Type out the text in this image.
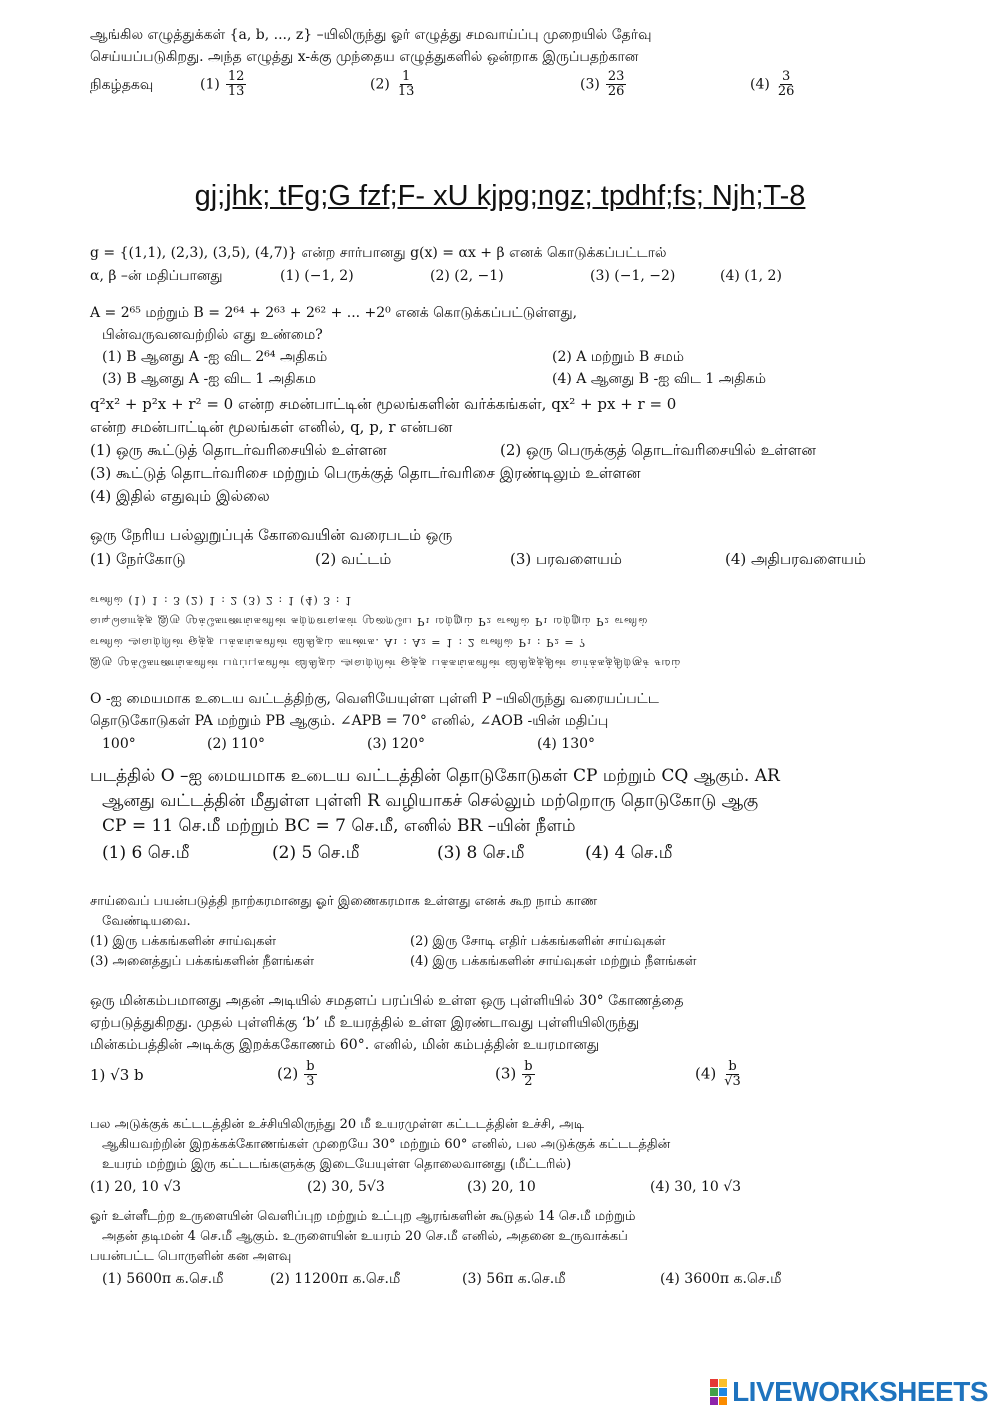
ஆங்கில எழுத்துக்கள் {a, b, ..., z} –யிலிருந்து ஓர் எழுத்து சமவாய்ப்பு முறையில் தேர்வு

செய்யப்படுகிறது. அந்த எழுத்து x-க்கு முந்தைய எழுத்துகளில் ஒன்றாக இருப்பதற்கான

நிகழ்தகவு	$(1) \frac{12}{13}$	$(2) \frac{1}{13}$	$(3) \frac{23}{26}$	$(4) \frac{3}{26}$
gj;jhk; tFg;G fzf;F- xU kjpg;ngz; tpdhf;fs; Njh;T-8

g = {(1,1), (2,3), (3,5), (4,7)} என்ற சார்பானது g(x) = αx + β எனக் கொடுக்கப்பட்டால்

α, β –ன் மதிப்பானது	(1) (−1, 2)	(2) (2, −1)	(3) (−1, −2)	(4) (1, 2)

A = 2⁶⁵ மற்றும் B = 2⁶⁴ + 2⁶³ + 2⁶² + ... +2⁰ எனக் கொடுக்கப்பட்டுள்ளது,

பின்வருவனவற்றில் எது உண்மை?

(1) B ஆனது A -ஐ விட 2⁶⁴ அதிகம்	(2) A மற்றும் B சமம்
(3) B ஆனது A -ஐ விட 1 அதிகம	(4) A ஆனது B -ஐ விட 1 அதிகம்

q²x² + p²x + r² = 0 என்ற சமன்பாட்டின் மூலங்களின் வர்க்கங்கள், qx² + px + r = 0

என்ற சமன்பாட்டின் மூலங்கள் எனில், q, p, r என்பன

(1) ஒரு கூட்டுத் தொடர்வரிசையில் உள்ளன	(2) ஒரு பெருக்குத் தொடர்வரிசையில் உள்ளன

(3) கூட்டுத் தொடர்வரிசை மற்றும் பெருக்குத் தொடர்வரிசை இரண்டிலும் உள்ளன

(4) இதில் எதுவும் இல்லை

ஒரு நேரிய பல்லுறுப்புக் கோவையின் வரைபடம் ஒரு

(1) நேர்கோடு	(2) வட்டம்	(3) பரவளையம்	(4) அதிபரவளையம்
இரு முக்கோணங்களின் பரப்புகளின் விகிதம் அவற்றின் ஒத்த பக்கங்களின் விகிதத்தின் வர்க்கத்திற்குச் சமம்
எனில் அவற்றின் ஒத்த பக்கங்களின் விகிதம் காண்க. A₁ : A₂ = 1 : 2 எனில் P₁ : P₂ = ?
வடிவொத்த இரு முக்கோணங்களின் சுற்றளவுகள் முறையே P₁ மற்றும் P₂ எனில் P₁ மற்றும் P₂ எனில்
எனில் (1) 1 : 3 (2) 1 : 2 (3) 2 : 1 (4) 3 : 1

O -ஐ மையமாக உடைய வட்டத்திற்கு, வெளியேயுள்ள புள்ளி P –யிலிருந்து வரையப்பட்ட

தொடுகோடுகள் PA மற்றும் PB ஆகும். ∠APB = 70° எனில், ∠AOB -யின் மதிப்பு

100°	(2) 110°	(3) 120°	(4) 130°

படத்தில் O –ஐ மையமாக உடைய வட்டத்தின் தொடுகோடுகள் CP மற்றும் CQ ஆகும். AR

ஆனது வட்டத்தின் மீதுள்ள புள்ளி R வழியாகச் செல்லும் மற்றொரு தொடுகோடு ஆகு

CP = 11 செ.மீ மற்றும் BC = 7 செ.மீ, எனில் BR –யின் நீளம்

(1) 6 செ.மீ	(2) 5 செ.மீ	(3) 8 செ.மீ	(4) 4 செ.மீ

சாய்வைப் பயன்படுத்தி நாற்கரமானது ஓர் இணைகரமாக உள்ளது எனக் கூற நாம் காண

வேண்டியவை.

(1) இரு பக்கங்களின் சாய்வுகள்	(2) இரு சோடி எதிர் பக்கங்களின் சாய்வுகள்
(3) அனைத்துப் பக்கங்களின் நீளங்கள்	(4) இரு பக்கங்களின் சாய்வுகள் மற்றும் நீளங்கள்

ஒரு மின்கம்பமானது அதன் அடியில் சமதளப் பரப்பில் உள்ள ஒரு புள்ளியில் 30° கோணத்தை

ஏற்படுத்துகிறது. முதல் புள்ளிக்கு ‘b’ மீ உயரத்தில் உள்ள இரண்டாவது புள்ளியிலிருந்து

மின்கம்பத்தின் அடிக்கு இறக்ககோணம் 60°. எனில், மின் கம்பத்தின் உயரமானது

1) √3 b	$(2) \frac{b}{3}$	$(3) \frac{b}{2}$	$(4) \frac{b}{√3}$

பல அடுக்குக் கட்டடத்தின் உச்சியிலிருந்து 20 மீ உயரமுள்ள கட்டடத்தின் உச்சி, அடி

ஆகியவற்றின் இறக்கக்கோணங்கள் முறையே 30° மற்றும் 60° எனில், பல அடுக்குக் கட்டடத்தின்

உயரம் மற்றும் இரு கட்டடங்களுக்கு இடையேயுள்ள தொலைவானது (மீட்டரில்)

(1) 20, 10 √3	(2) 30, 5√3	(3) 20, 10	(4) 30, 10 √3

ஓர் உள்ளீடற்ற உருளையின் வெளிப்புற மற்றும் உட்புற ஆரங்களின் கூடுதல் 14 செ.மீ மற்றும்

அதன் தடிமன் 4 செ.மீ ஆகும். உருளையின் உயரம் 20 செ.மீ எனில், அதனை உருவாக்கப்

பயன்பட்ட பொருளின் கன அளவு

(1) 5600π க.செ.மீ	(2) 11200π க.செ.மீ	(3) 56π க.செ.மீ	(4) 3600π க.செ.மீ
LIVEWORKSHEETS
